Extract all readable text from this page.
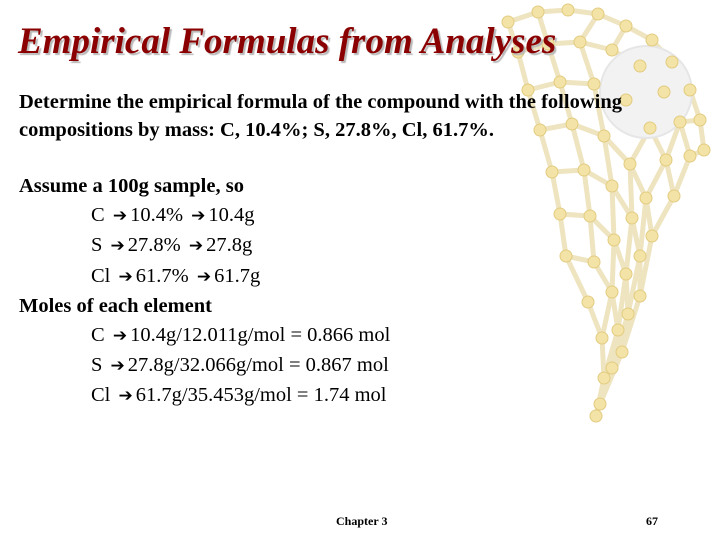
Empirical Formulas from Analyses

Determine the empirical formula of the compound with the following compositions by mass: C, 10.4%; S, 27.8%, Cl, 61.7%.

Assume a 100g sample, so
C ➔ 10.4% ➔ 10.4g
S ➔ 27.8% ➔ 27.8g
Cl ➔ 61.7% ➔ 61.7g
Moles of each element
C ➔ 10.4g/12.011g/mol = 0.866 mol
S ➔ 27.8g/32.066g/mol = 0.867 mol
Cl ➔ 61.7g/35.453g/mol = 1.74 mol
Chapter 3	67
